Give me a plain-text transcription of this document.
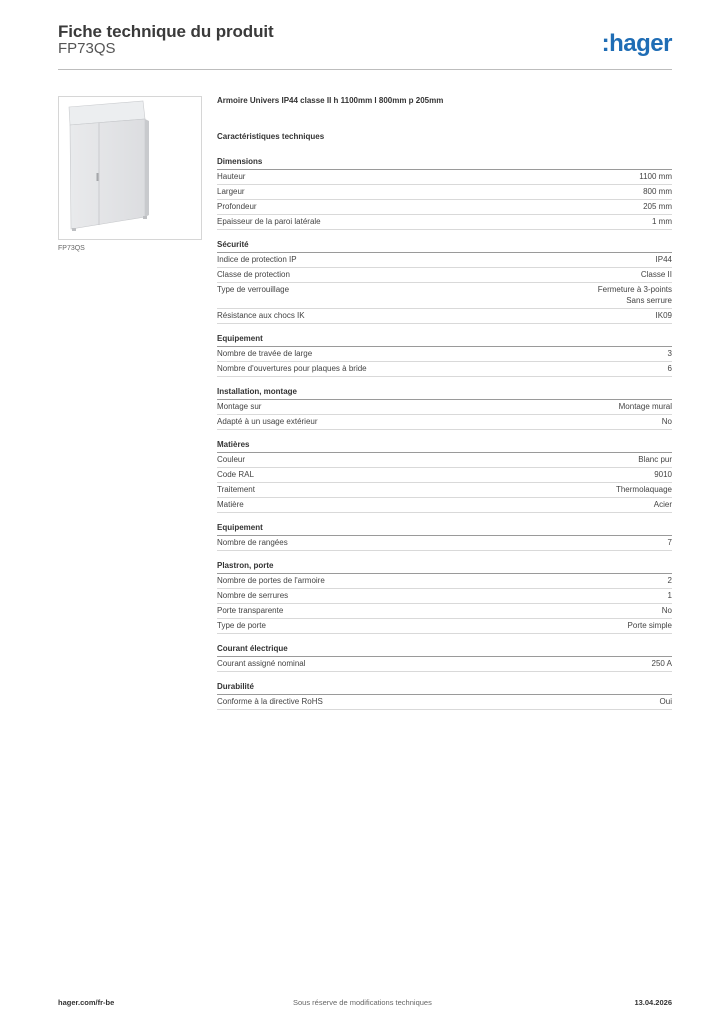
Fiche technique du produit
FP73QS	:hager
FP73QS
Armoire Univers IP44 classe II h 1100mm l 800mm p 205mm
Caractéristiques techniques
Dimensions
Hauteur	1100 mm
Largeur	800 mm
Profondeur	205 mm
Epaisseur de la paroi latérale	1 mm
Sécurité
Indice de protection IP	IP44
Classe de protection	Classe II
Type de verrouillage	Fermeture à 3-points
Sans serrure
Résistance aux chocs IK	IK09
Equipement
Nombre de travée de large	3
Nombre d'ouvertures pour plaques à bride	6
Installation, montage
Montage sur	Montage mural
Adapté à un usage extérieur	No
Matières
Couleur	Blanc pur
Code RAL	9010
Traitement	Thermolaquage
Matière	Acier
Equipement
Nombre de rangées	7
Plastron, porte
Nombre de portes de l'armoire	2
Nombre de serrures	1
Porte transparente	No
Type de porte	Porte simple
Courant électrique
Courant assigné nominal	250 A
Durabilité
Conforme à la directive RoHS	Oui
hager.com/fr-be	Sous réserve de modifications techniques	13.04.2026
